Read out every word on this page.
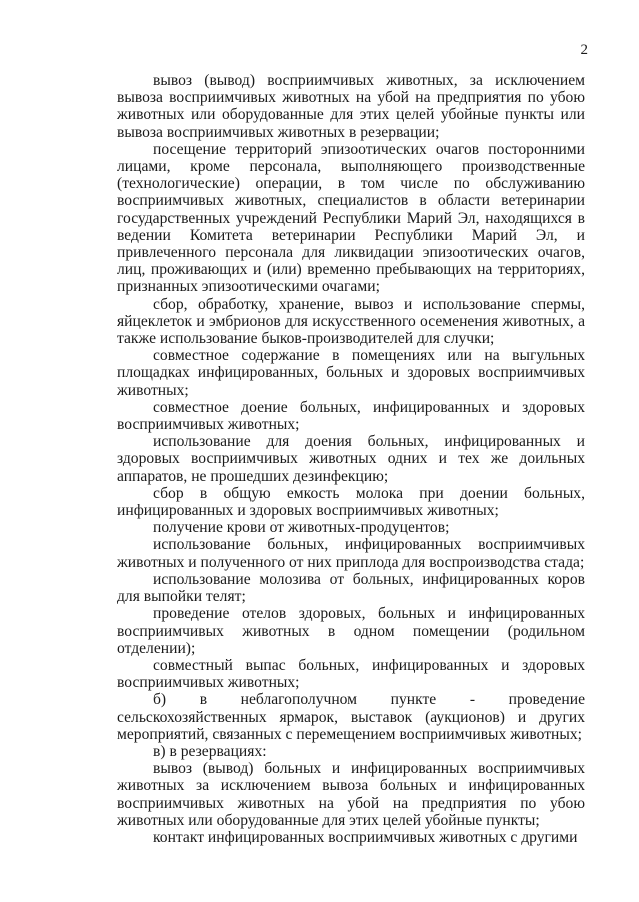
2

вывоз (вывод) восприимчивых животных, за исключением вывоза восприимчивых животных на убой на предприятия по убою животных или оборудованные для этих целей убойные пункты или вывоза восприимчивых животных в резервации;

посещение территорий эпизоотических очагов посторонними лицами, кроме персонала, выполняющего производственные (технологические) операции, в том числе по обслуживанию восприимчивых животных, специалистов в области ветеринарии государственных учреждений Республики Марий Эл, находящихся в ведении Комитета ветеринарии Республики Марий Эл, и привлеченного персонала для ликвидации эпизоотических очагов, лиц, проживающих и (или) временно пребывающих на территориях, признанных эпизоотическими очагами;

сбор, обработку, хранение, вывоз и использование спермы, яйцеклеток и эмбрионов для искусственного осеменения животных, а также использование быков-производителей для случки;

совместное содержание в помещениях или на выгульных площадках инфицированных, больных и здоровых восприимчивых животных;

совместное доение больных, инфицированных и здоровых восприимчивых животных;

использование для доения больных, инфицированных и здоровых восприимчивых животных одних и тех же доильных аппаратов, не прошедших дезинфекцию;

сбор в общую емкость молока при доении больных, инфицированных и здоровых восприимчивых животных;

получение крови от животных-продуцентов;

использование больных, инфицированных восприимчивых животных и полученного от них приплода для воспроизводства стада;

использование молозива от больных, инфицированных коров для выпойки телят;

проведение отелов здоровых, больных и инфицированных восприимчивых животных в одном помещении (родильном отделении);

совместный выпас больных, инфицированных и здоровых восприимчивых животных;

б) в неблагополучном пункте - проведение сельскохозяйственных ярмарок, выставок (аукционов) и других мероприятий, связанных с перемещением восприимчивых животных;

в) в резервациях:

вывоз (вывод) больных и инфицированных восприимчивых животных за исключением вывоза больных и инфицированных восприимчивых животных на убой на предприятия по убою животных или оборудованные для этих целей убойные пункты;

контакт инфицированных восприимчивых животных с другими
